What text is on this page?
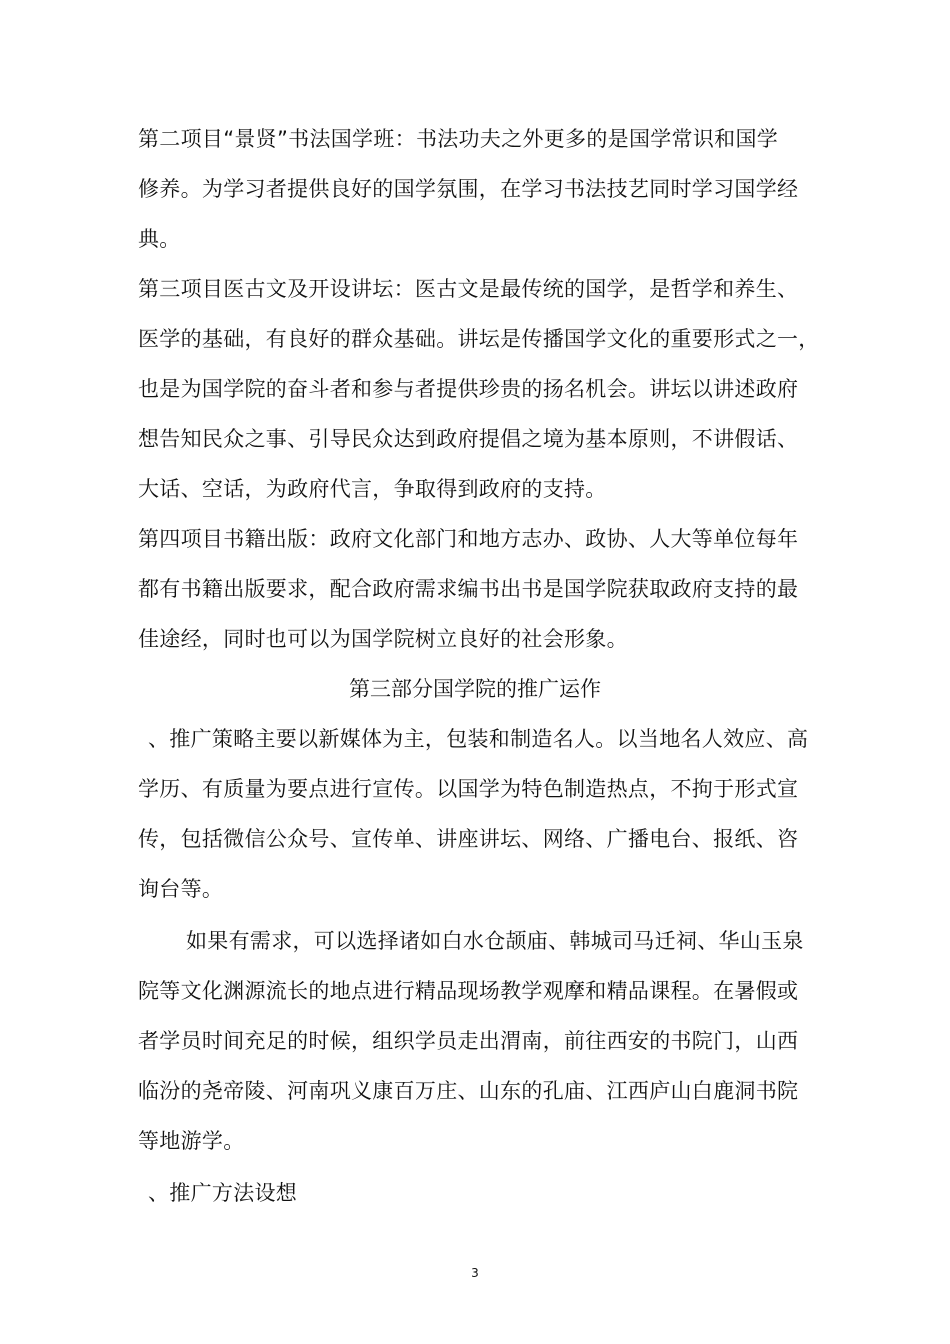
第二项目“景贤”书法国学班：书法功夫之外更多的是国学常识和国学
修养。为学习者提供良好的国学氛围，在学习书法技艺同时学习国学经
典。
第三项目医古文及开设讲坛：医古文是最传统的国学，是哲学和养生、
医学的基础，有良好的群众基础。讲坛是传播国学文化的重要形式之一，
也是为国学院的奋斗者和参与者提供珍贵的扬名机会。讲坛以讲述政府
想告知民众之事、引导民众达到政府提倡之境为基本原则，不讲假话、
大话、空话，为政府代言，争取得到政府的支持。
第四项目书籍出版：政府文化部门和地方志办、政协、人大等单位每年
都有书籍出版要求，配合政府需求编书出书是国学院获取政府支持的最
佳途经，同时也可以为国学院树立良好的社会形象。
第三部分国学院的推广运作
、推广策略主要以新媒体为主，包装和制造名人。以当地名人效应、高
学历、有质量为要点进行宣传。以国学为特色制造热点，不拘于形式宣
传，包括微信公众号、宣传单、讲座讲坛、网络、广播电台、报纸、咨
询台等。
如果有需求，可以选择诸如白水仓颉庙、韩城司马迁祠、华山玉泉
院等文化渊源流长的地点进行精品现场教学观摩和精品课程。在暑假或
者学员时间充足的时候，组织学员走出渭南，前往西安的书院门，山西
临汾的尧帝陵、河南巩义康百万庄、山东的孔庙、江西庐山白鹿洞书院
等地游学。
、推广方法设想
3
